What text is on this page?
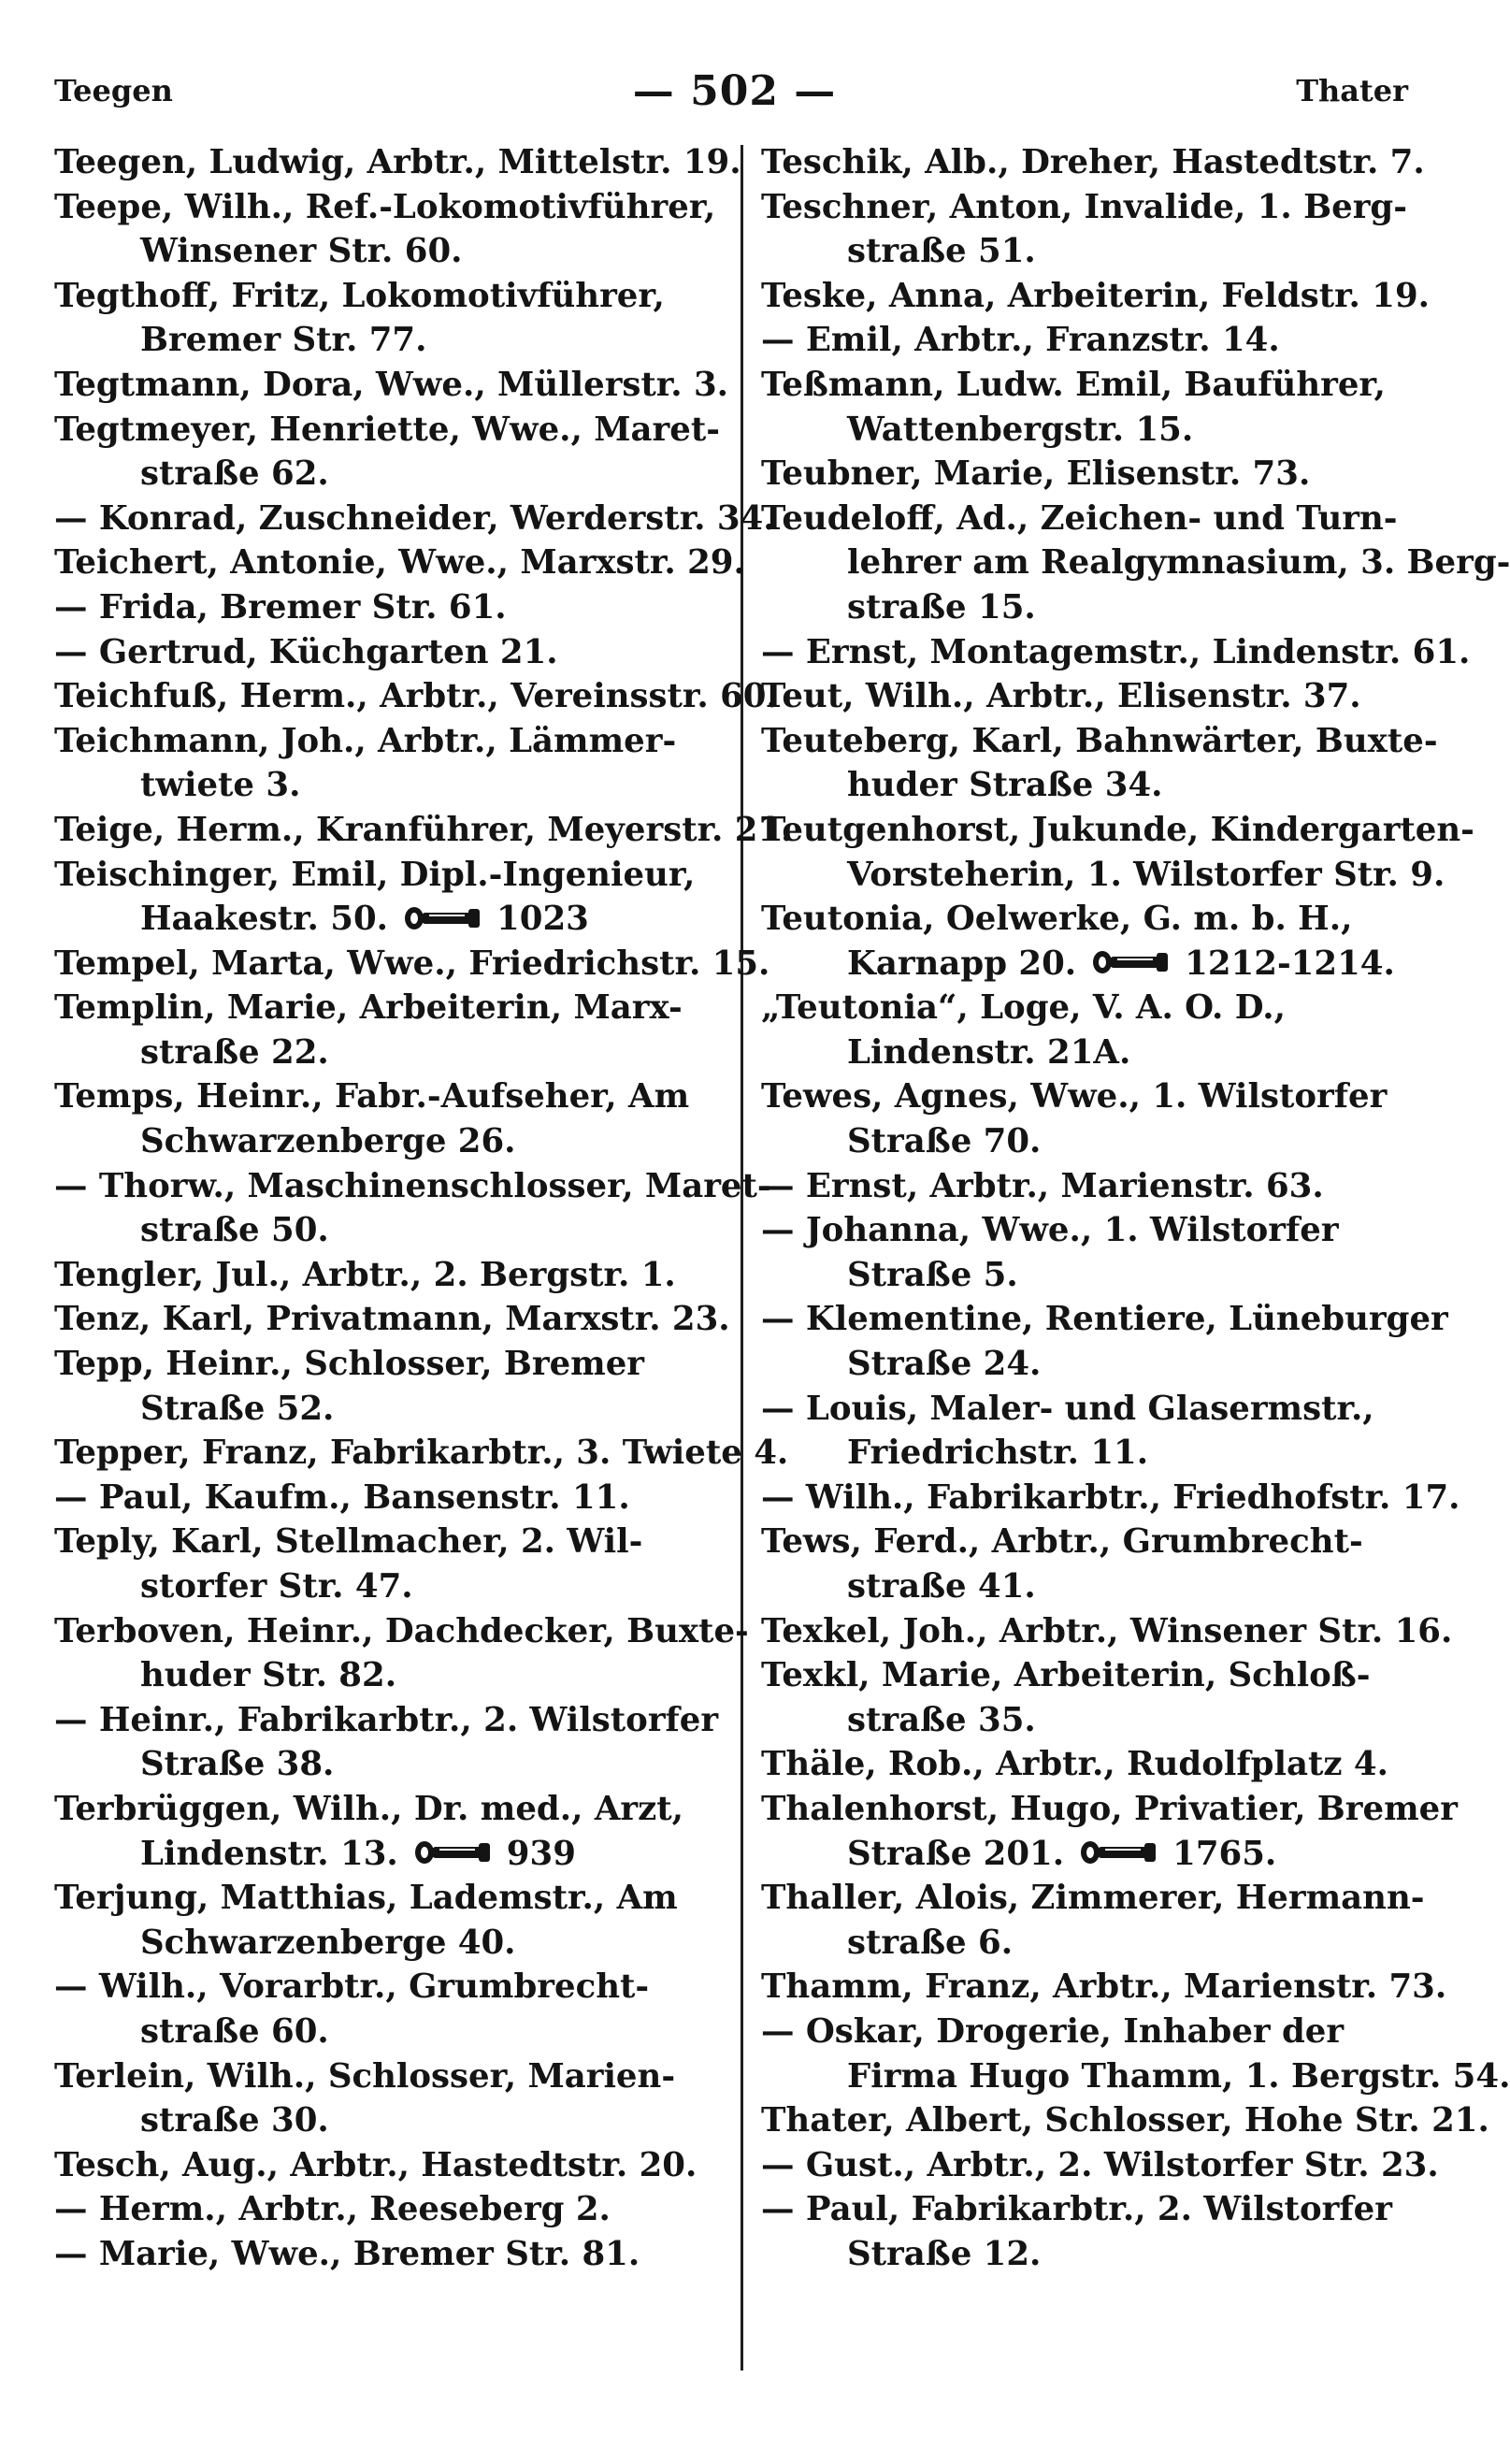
Teegen	— 502 —	Thater
Teegen, Ludwig, Arbtr., Mittelstr. 19.
Teepe, Wilh., Ref.-Lokomotivführer,
Winsener Str. 60.
Tegthoff, Fritz, Lokomotivführer,
Bremer Str. 77.
Tegtmann, Dora, Wwe., Müllerstr. 3.
Tegtmeyer, Henriette, Wwe., Maret-
straße 62.
— Konrad, Zuschneider, Werderstr. 34.
Teichert, Antonie, Wwe., Marxstr. 29.
— Frida, Bremer Str. 61.
— Gertrud, Küchgarten 21.
Teichfuß, Herm., Arbtr., Vereinsstr. 60.
Teichmann, Joh., Arbtr., Lämmer-
twiete 3.
Teige, Herm., Kranführer, Meyerstr. 21.
Teischinger, Emil, Dipl.-Ingenieur,
Haakestr. 50.	1023
Tempel, Marta, Wwe., Friedrichstr. 15.
Templin, Marie, Arbeiterin, Marx-
straße 22.
Temps, Heinr., Fabr.-Aufseher, Am
Schwarzenberge 26.
— Thorw., Maschinenschlosser, Maret-
straße 50.
Tengler, Jul., Arbtr., 2. Bergstr. 1.
Tenz, Karl, Privatmann, Marxstr. 23.
Tepp, Heinr., Schlosser, Bremer
Straße 52.
Tepper, Franz, Fabrikarbtr., 3. Twiete 4.
— Paul, Kaufm., Bansenstr. 11.
Teply, Karl, Stellmacher, 2. Wil-
storfer Str. 47.
Terboven, Heinr., Dachdecker, Buxte-
huder Str. 82.
— Heinr., Fabrikarbtr., 2. Wilstorfer
Straße 38.
Terbrüggen, Wilh., Dr. med., Arzt,
Lindenstr. 13.	939
Terjung, Matthias, Lademstr., Am
Schwarzenberge 40.
— Wilh., Vorarbtr., Grumbrecht-
straße 60.
Terlein, Wilh., Schlosser, Marien-
straße 30.
Tesch, Aug., Arbtr., Hastedtstr. 20.
— Herm., Arbtr., Reeseberg 2.
— Marie, Wwe., Bremer Str. 81.
Teschik, Alb., Dreher, Hastedtstr. 7.
Teschner, Anton, Invalide, 1. Berg-
straße 51.
Teske, Anna, Arbeiterin, Feldstr. 19.
— Emil, Arbtr., Franzstr. 14.
Teßmann, Ludw. Emil, Bauführer,
Wattenbergstr. 15.
Teubner, Marie, Elisenstr. 73.
Teudeloff, Ad., Zeichen- und Turn-
lehrer am Realgymnasium, 3. Berg-
straße 15.
— Ernst, Montagemstr., Lindenstr. 61.
Teut, Wilh., Arbtr., Elisenstr. 37.
Teuteberg, Karl, Bahnwärter, Buxte-
huder Straße 34.
Teutgenhorst, Jukunde, Kindergarten-
Vorsteherin, 1. Wilstorfer Str. 9.
Teutonia, Oelwerke, G. m. b. H.,
Karnapp 20.	1212-1214.
„Teutonia“, Loge, V. A. O. D.,
Lindenstr. 21A.
Tewes, Agnes, Wwe., 1. Wilstorfer
Straße 70.
— Ernst, Arbtr., Marienstr. 63.
— Johanna, Wwe., 1. Wilstorfer
Straße 5.
— Klementine, Rentiere, Lüneburger
Straße 24.
— Louis, Maler- und Glasermstr.,
Friedrichstr. 11.
— Wilh., Fabrikarbtr., Friedhofstr. 17.
Tews, Ferd., Arbtr., Grumbrecht-
straße 41.
Texkel, Joh., Arbtr., Winsener Str. 16.
Texkl, Marie, Arbeiterin, Schloß-
straße 35.
Thäle, Rob., Arbtr., Rudolfplatz 4.
Thalenhorst, Hugo, Privatier, Bremer
Straße 201.	1765.
Thaller, Alois, Zimmerer, Hermann-
straße 6.
Thamm, Franz, Arbtr., Marienstr. 73.
— Oskar, Drogerie, Inhaber der
Firma Hugo Thamm, 1. Bergstr. 54.
Thater, Albert, Schlosser, Hohe Str. 21.
— Gust., Arbtr., 2. Wilstorfer Str. 23.
— Paul, Fabrikarbtr., 2. Wilstorfer
Straße 12.
